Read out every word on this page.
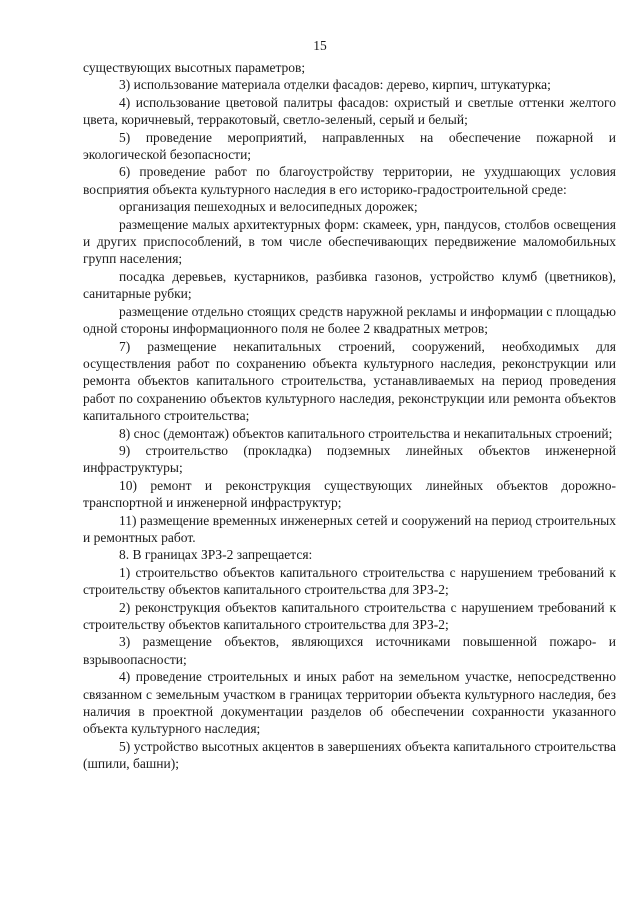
15

существующих высотных параметров;

3) использование материала отделки фасадов: дерево, кирпич, штукатурка;

4) использование цветовой палитры фасадов: охристый и светлые оттенки желтого цвета, коричневый, терракотовый, светло-зеленый, серый и белый;

5) проведение мероприятий, направленных на обеспечение пожарной и экологической безопасности;

6) проведение работ по благоустройству территории, не ухудшающих условия восприятия объекта культурного наследия в его историко-градостроительной среде:

организация пешеходных и велосипедных дорожек;

размещение малых архитектурных форм: скамеек, урн, пандусов, столбов освещения и других приспособлений, в том числе обеспечивающих передвижение маломобильных групп населения;

посадка деревьев, кустарников, разбивка газонов, устройство клумб (цветников), санитарные рубки;

размещение отдельно стоящих средств наружной рекламы и информации с площадью одной стороны информационного поля не более 2 квадратных метров;

7) размещение некапитальных строений, сооружений, необходимых для осуществления работ по сохранению объекта культурного наследия, реконструкции или ремонта объектов капитального строительства, устанавливаемых на период проведения работ по сохранению объектов культурного наследия, реконструкции или ремонта объектов капитального строительства;

8) снос (демонтаж) объектов капитального строительства и некапитальных строений;

9) строительство (прокладка) подземных линейных объектов инженерной инфраструктуры;

10) ремонт и реконструкция существующих линейных объектов дорожно-транспортной и инженерной инфраструктур;

11) размещение временных инженерных сетей и сооружений на период строительных и ремонтных работ.

8. В границах ЗРЗ-2 запрещается:

1) строительство объектов капитального строительства с нарушением требований к строительству объектов капитального строительства для ЗРЗ-2;

2) реконструкция объектов капитального строительства с нарушением требований к строительству объектов капитального строительства для ЗРЗ-2;

3) размещение объектов, являющихся источниками повышенной пожаро- и взрывоопасности;

4) проведение строительных и иных работ на земельном участке, непосредственно связанном с земельным участком в границах территории объекта культурного наследия, без наличия в проектной документации разделов об обеспечении сохранности указанного объекта культурного наследия;

5) устройство высотных акцентов в завершениях объекта капитального строительства (шпили, башни);
